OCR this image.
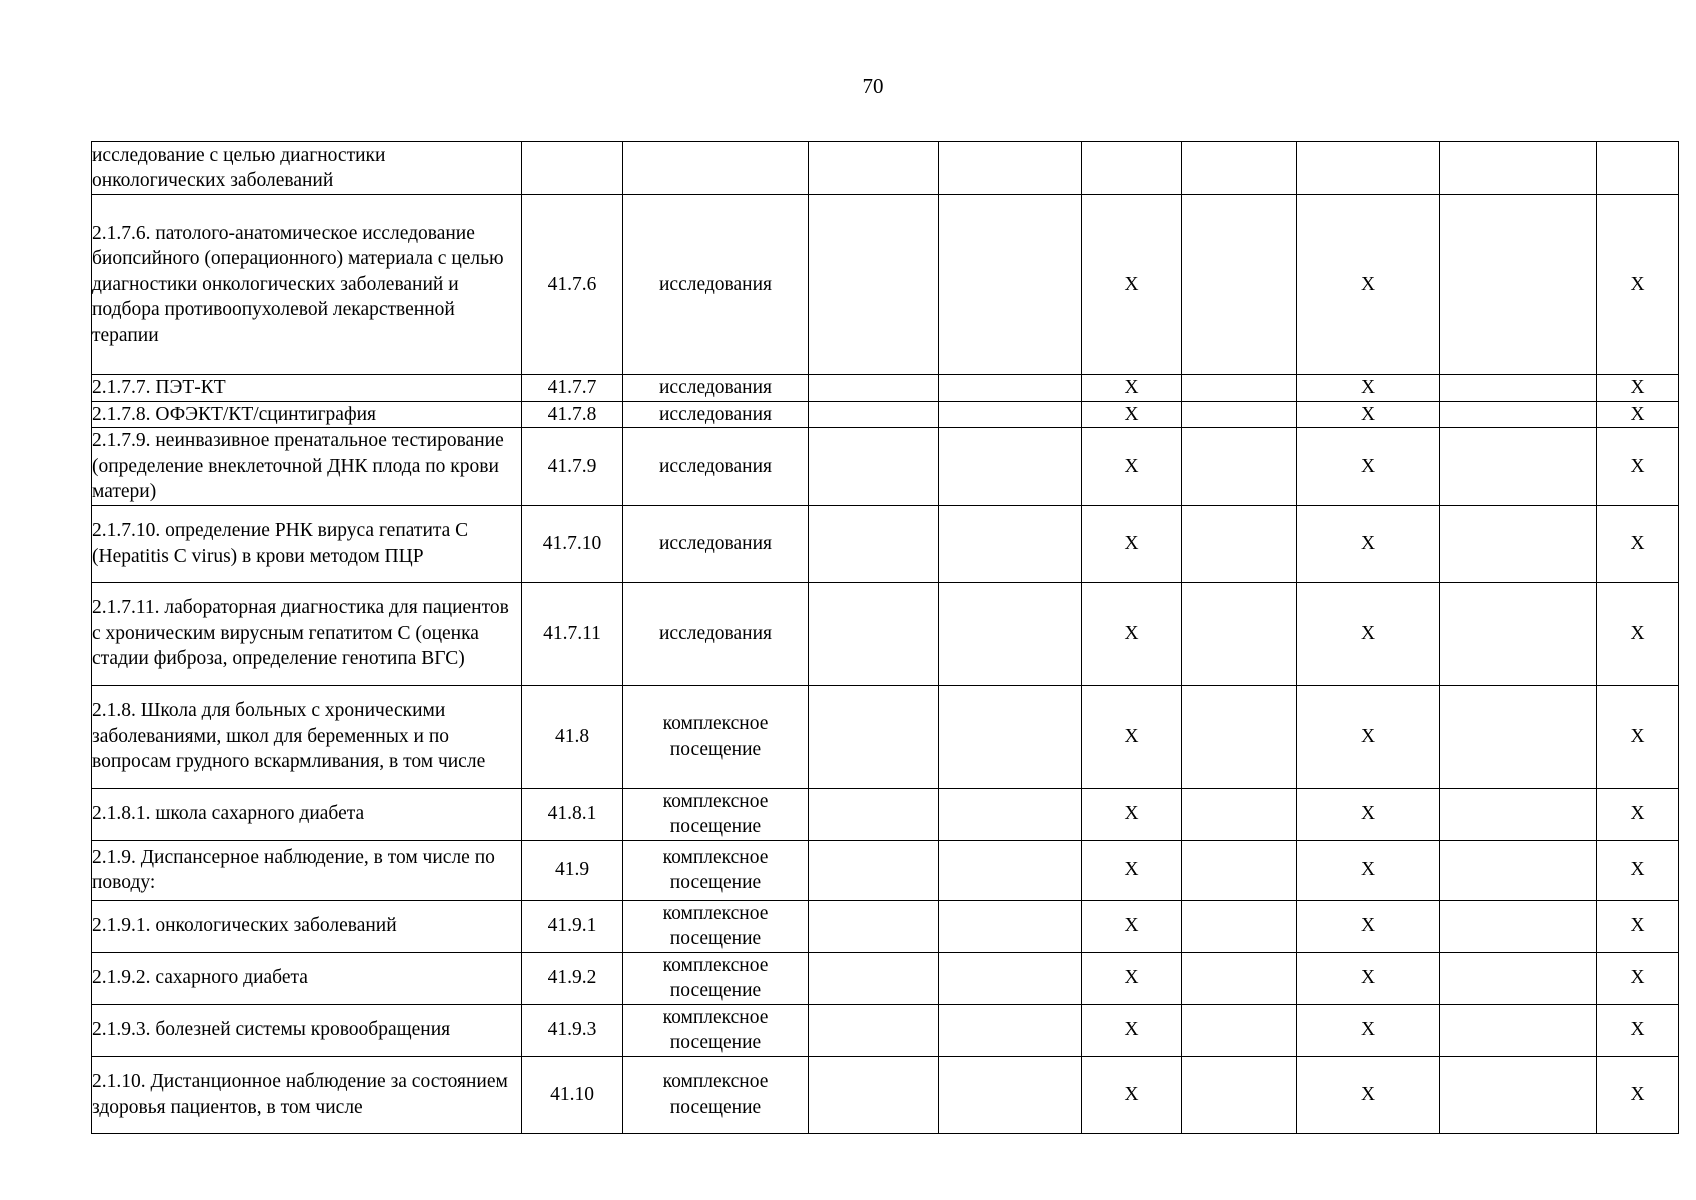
70
исследование с целью диагностики онкологических заболеваний									
2.1.7.6. патолого-анатомическое исследование биопсийного (операционного) материала с целью диагностики онкологических заболеваний и подбора противоопухолевой лекарственной терапии	41.7.6	исследования			X		X		X
2.1.7.7. ПЭТ-КТ	41.7.7	исследования			X		X		X
2.1.7.8. ОФЭКТ/КТ/сцинтиграфия	41.7.8	исследования			X		X		X
2.1.7.9. неинвазивное пренатальное тестирование (определение внеклеточной ДНК плода по крови матери)	41.7.9	исследования			X		X		X
2.1.7.10. определение РНК вируса гепатита C (Hepatitis C virus) в крови методом ПЦР	41.7.10	исследования			X		X		X
2.1.7.11. лабораторная диагностика для пациентов с хроническим вирусным гепатитом С (оценка стадии фиброза, определение генотипа ВГС)	41.7.11	исследования			X		X		X
2.1.8. Школа для больных с хроническими заболеваниями, школ для беременных и по вопросам грудного вскармливания, в том числе	41.8	комплексное посещение			X		X		X
2.1.8.1. школа сахарного диабета	41.8.1	комплексное посещение			X		X		X
2.1.9. Диспансерное наблюдение, в том числе по поводу:	41.9	комплексное посещение			X		X		X
2.1.9.1. онкологических заболеваний	41.9.1	комплексное посещение			X		X		X
2.1.9.2. сахарного диабета	41.9.2	комплексное посещение			X		X		X
2.1.9.3. болезней системы кровообращения	41.9.3	комплексное посещение			X		X		X
2.1.10. Дистанционное наблюдение за состоянием здоровья пациентов, в том числе	41.10	комплексное посещение			X		X		X
